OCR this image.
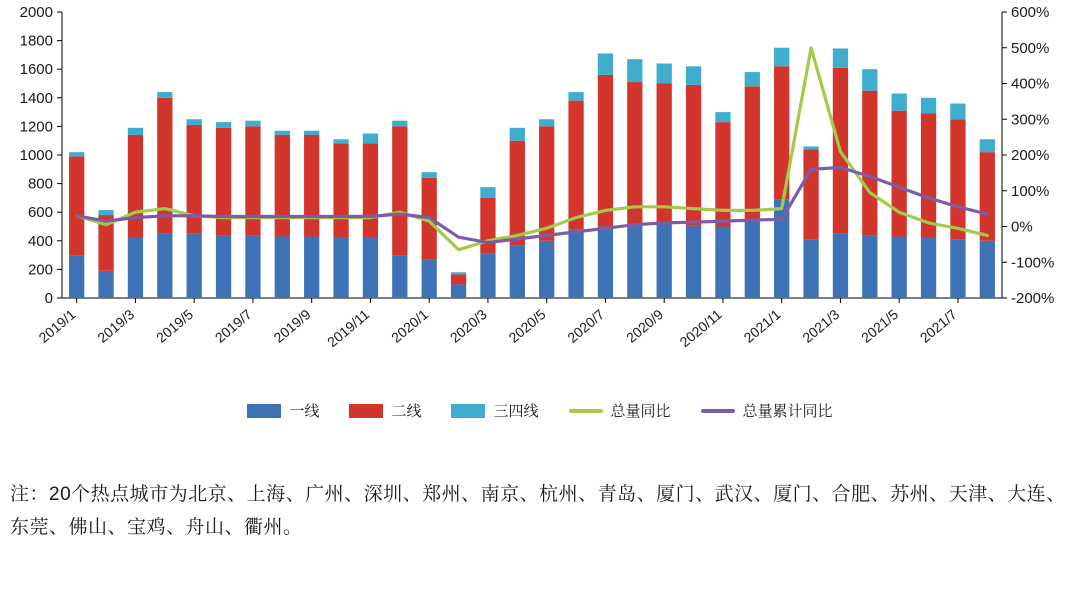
0
200
400
600
800
1000
1200
1400
1600
1800
2000
-200%
-100%
0%
100%
200%
300%
400%
500%
600%
2019/1 2019/3 2019/5 2019/7 2019/9 2019/11 2020/1 2020/3 2020/5 2020/7 2020/9 2020/11 2021/1 2021/3 2021/5 2021/7
一线	二线	三四线	总量同比	总量累计同比
注：20个热点城市为北京、上海、广州、深圳、郑州、南京、杭州、青岛、厦门、武汉、厦门、合肥、苏州、天津、大连、东莞、佛山、宝鸡、舟山、衢州。
